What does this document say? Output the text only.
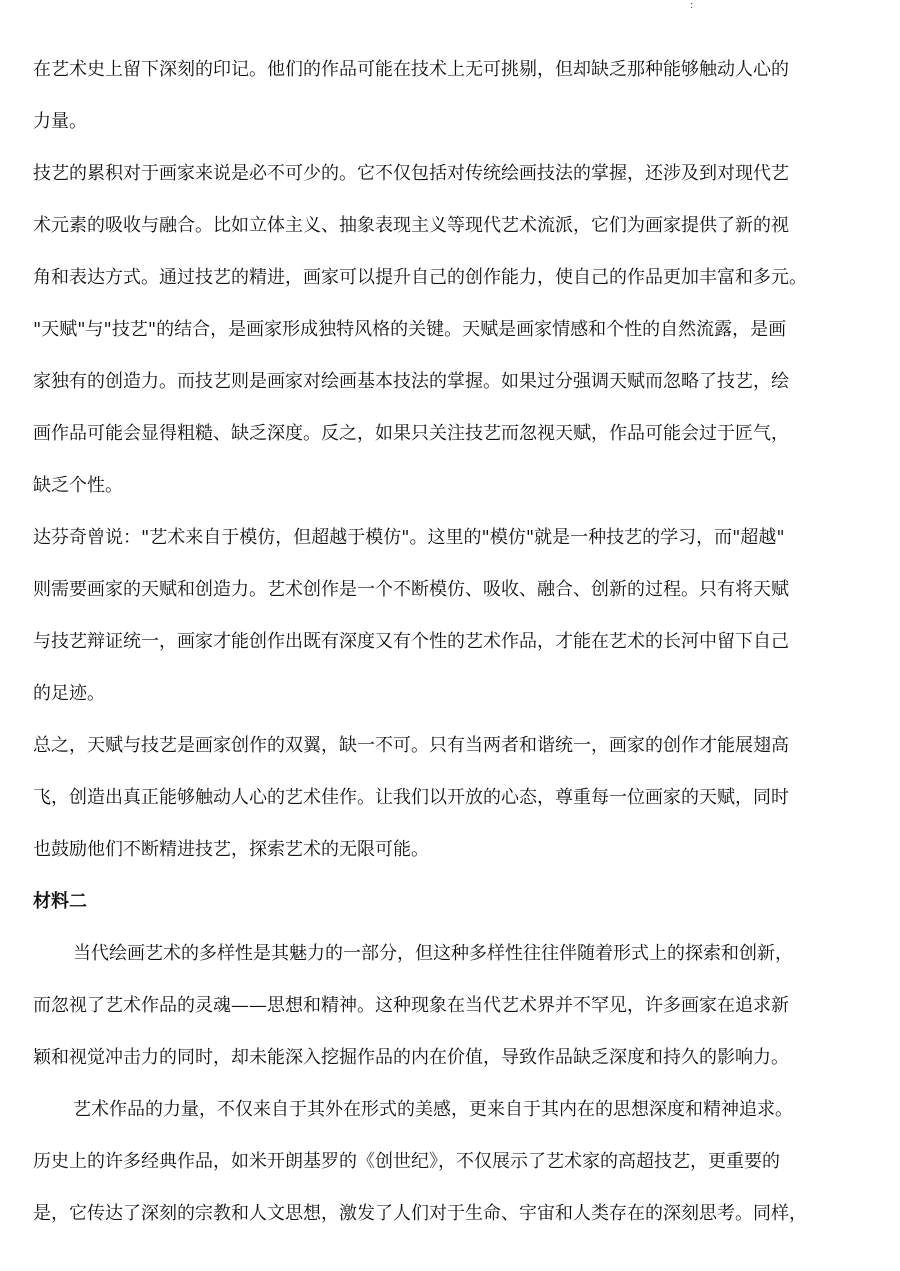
:
在艺术史上留下深刻的印记。他们的作品可能在技术上无可挑剔，但却缺乏那种能够触动人心的
力量。
技艺的累积对于画家来说是必不可少的。它不仅包括对传统绘画技法的掌握，还涉及到对现代艺
术元素的吸收与融合。比如立体主义、抽象表现主义等现代艺术流派，它们为画家提供了新的视
角和表达方式。通过技艺的精进，画家可以提升自己的创作能力，使自己的作品更加丰富和多元。
"天赋"与"技艺"的结合，是画家形成独特风格的关键。天赋是画家情感和个性的自然流露，是画
家独有的创造力。而技艺则是画家对绘画基本技法的掌握。如果过分强调天赋而忽略了技艺，绘
画作品可能会显得粗糙、缺乏深度。反之，如果只关注技艺而忽视天赋，作品可能会过于匠气，
缺乏个性。
达芬奇曾说："艺术来自于模仿，但超越于模仿"。这里的"模仿"就是一种技艺的学习，而"超越"
则需要画家的天赋和创造力。艺术创作是一个不断模仿、吸收、融合、创新的过程。只有将天赋
与技艺辩证统一，画家才能创作出既有深度又有个性的艺术作品，才能在艺术的长河中留下自己
的足迹。
总之，天赋与技艺是画家创作的双翼，缺一不可。只有当两者和谐统一，画家的创作才能展翅高
飞，创造出真正能够触动人心的艺术佳作。让我们以开放的心态，尊重每一位画家的天赋，同时
也鼓励他们不断精进技艺，探索艺术的无限可能。
材料二
当代绘画艺术的多样性是其魅力的一部分，但这种多样性往往伴随着形式上的探索和创新，
而忽视了艺术作品的灵魂——思想和精神。这种现象在当代艺术界并不罕见，许多画家在追求新
颖和视觉冲击力的同时，却未能深入挖掘作品的内在价值，导致作品缺乏深度和持久的影响力。
艺术作品的力量，不仅来自于其外在形式的美感，更来自于其内在的思想深度和精神追求。
历史上的许多经典作品，如米开朗基罗的《创世纪》，不仅展示了艺术家的高超技艺，更重要的
是，它传达了深刻的宗教和人文思想，激发了人们对于生命、宇宙和人类存在的深刻思考。同样，
